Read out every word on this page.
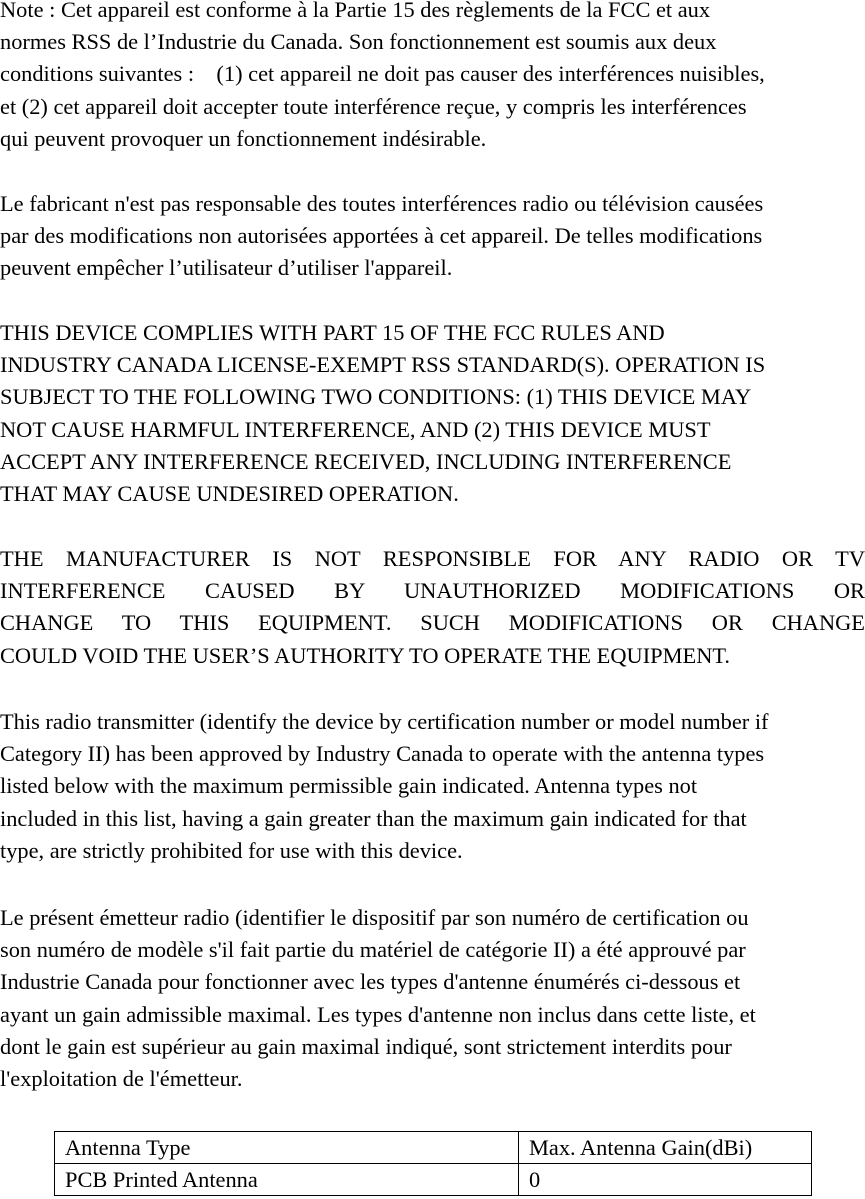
Note : Cet appareil est conforme à la Partie 15 des règlements de la FCC et aux
normes RSS de l’Industrie du Canada. Son fonctionnement est soumis aux deux
conditions suivantes :    (1) cet appareil ne doit pas causer des interférences nuisibles,
et (2) cet appareil doit accepter toute interférence reçue, y compris les interférences
qui peuvent provoquer un fonctionnement indésirable.
Le fabricant n'est pas responsable des toutes interférences radio ou télévision causées
par des modifications non autorisées apportées à cet appareil. De telles modifications
peuvent empêcher l’utilisateur d’utiliser l'appareil.
THIS DEVICE COMPLIES WITH PART 15 OF THE FCC RULES AND
INDUSTRY CANADA LICENSE-EXEMPT RSS STANDARD(S). OPERATION IS
SUBJECT TO THE FOLLOWING TWO CONDITIONS: (1) THIS DEVICE MAY
NOT CAUSE HARMFUL INTERFERENCE, AND (2) THIS DEVICE MUST
ACCEPT ANY INTERFERENCE RECEIVED, INCLUDING INTERFERENCE
THAT MAY CAUSE UNDESIRED OPERATION.
THE MANUFACTURER IS NOT RESPONSIBLE FOR ANY RADIO OR TV
INTERFERENCE CAUSED BY UNAUTHORIZED MODIFICATIONS OR
CHANGE TO THIS EQUIPMENT. SUCH MODIFICATIONS OR CHANGE
COULD VOID THE USER’S AUTHORITY TO OPERATE THE EQUIPMENT.
This radio transmitter (identify the device by certification number or model number if
Category II) has been approved by Industry Canada to operate with the antenna types
listed below with the maximum permissible gain indicated. Antenna types not
included in this list, having a gain greater than the maximum gain indicated for that
type, are strictly prohibited for use with this device.
Le présent émetteur radio (identifier le dispositif par son numéro de certification ou
son numéro de modèle s'il fait partie du matériel de catégorie II) a été approuvé par
Industrie Canada pour fonctionner avec les types d'antenne énumérés ci‐dessous et
ayant un gain admissible maximal. Les types d'antenne non inclus dans cette liste, et
dont le gain est supérieur au gain maximal indiqué, sont strictement interdits pour
l'exploitation de l'émetteur.
Antenna Type	Max. Antenna Gain(dBi)
PCB Printed Antenna	0
